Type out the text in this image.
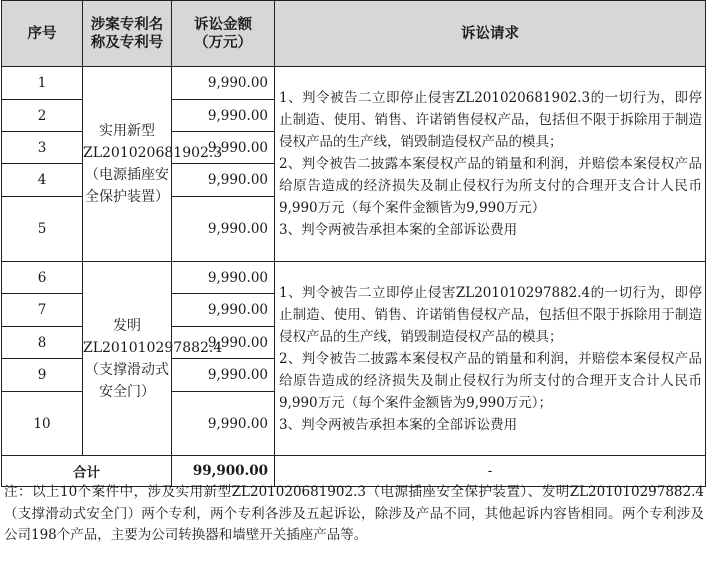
序号	涉案专利名称及专利号	诉讼金额（万元）	诉讼请求
1	实用新型ZL201020681902.3（电源插座安全保护装置）	9,990.00	1、判令被告二立即停止侵害ZL201020681902.3的一切行为，即停止制造、使用、销售、许诺销售侵权产品，包括但不限于拆除用于制造侵权产品的生产线，销毁制造侵权产品的模具；
2、判令被告二披露本案侵权产品的销量和利润，并赔偿本案侵权产品给原告造成的经济损失及制止侵权行为所支付的合理开支合计人民币9,990万元（每个案件金额皆为9,990万元）
3、判令两被告承担本案的全部诉讼费用

2		9,990.00	
3		9,990.00	
4		9,990.00	
5		9,990.00	
6	发明ZL201010297882.4（支撑滑动式安全门）	9,990.00	1、判令被告二立即停止侵害ZL201010297882.4的一切行为，即停止制造、使用、销售、许诺销售侵权产品，包括但不限于拆除用于制造侵权产品的生产线，销毁制造侵权产品的模具；
2、判令被告二披露本案侵权产品的销量和利润，并赔偿本案侵权产品给原告造成的经济损失及制止侵权行为所支付的合理开支合计人民币9,990万元（每个案件金额皆为9,990万元）；
3、判令两被告承担本案的全部诉讼费用

7		9,990.00	
8		9,990.00	
9		9,990.00	
10		9,990.00	
合计		99,900.00	-
注：以上10个案件中，涉及实用新型ZL201020681902.3（电源插座安全保护装置）、发明ZL201010297882.4（支撑滑动式安全门）两个专利，两个专利各涉及五起诉讼，除涉及产品不同，其他起诉内容皆相同。两个专利涉及公司198个产品，主要为公司转换器和墙壁开关插座产品等。
